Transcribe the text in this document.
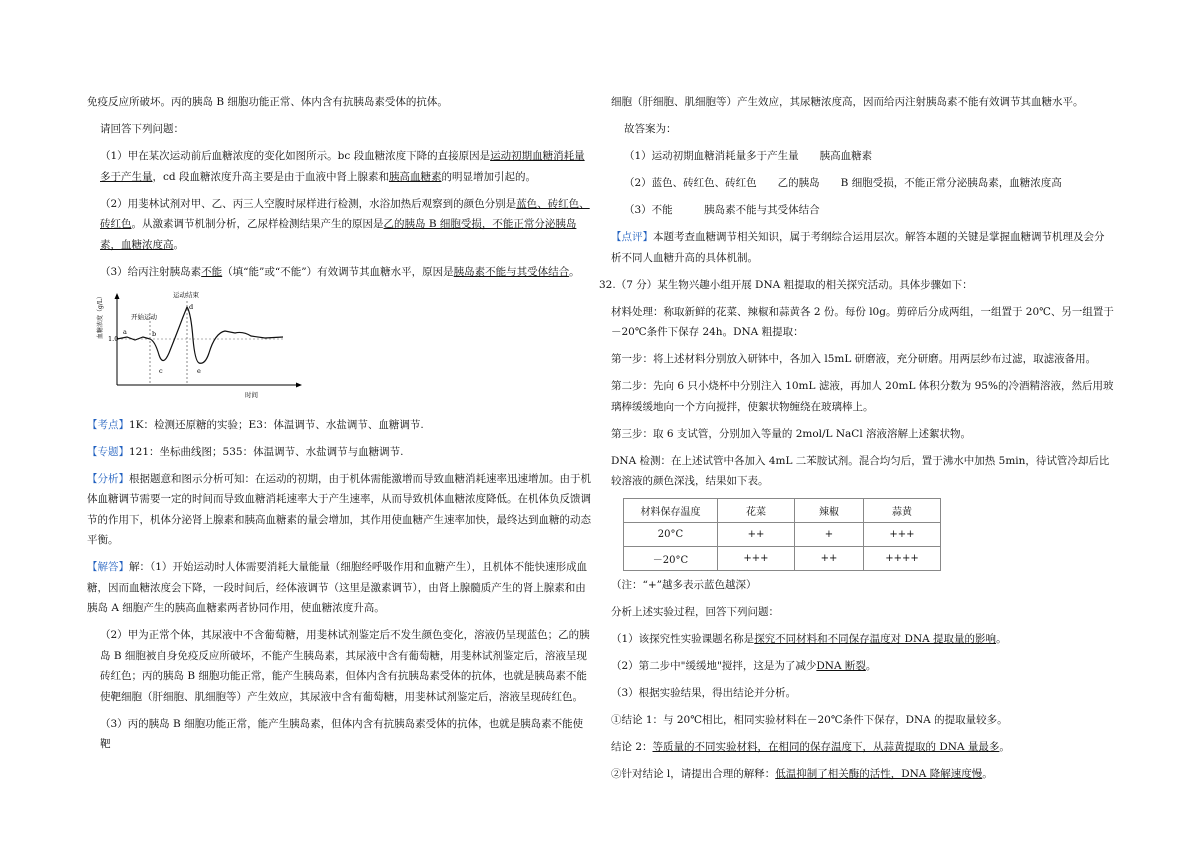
免疫反应所破坏。丙的胰岛 B 细胞功能正常、体内含有抗胰岛素受体的抗体。

请回答下列问题：

（1）甲在某次运动前后血糖浓度的变化如图所示。bc 段血糖浓度下降的直接原因是运动初期血糖消耗量多于产生量，cd 段血糖浓度升高主要是由于血液中肾上腺素和胰高血糖素的明显增加引起的。

（2）用斐林试剂对甲、乙、丙三人空腹时尿样进行检测，水浴加热后观察到的颜色分别是蓝色、砖红色、砖红色。从激素调节机制分析，乙尿样检测结果产生的原因是乙的胰岛 B 细胞受损，不能正常分泌胰岛素，血糖浓度高。

（3）给丙注射胰岛素不能（填“能”或“不能”）有效调节其血糖水平，原因是胰岛素不能与其受体结合。

开始运动
运动结束
1.0
血糖浓度（g/L）
时间
a	b
c
d
e

【考点】1K：检测还原糖的实验；E3：体温调节、水盐调节、血糖调节.

【专题】121：坐标曲线图；535：体温调节、水盐调节与血糖调节.

【分析】根据题意和图示分析可知：在运动的初期，由于机体需能激增而导致血糖消耗速率迅速增加。由于机体血糖调节需要一定的时间而导致血糖消耗速率大于产生速率，从而导致机体血糖浓度降低。在机体负反馈调节的作用下，机体分泌肾上腺素和胰高血糖素的量会增加，其作用使血糖产生速率加快，最终达到血糖的动态平衡。

【解答】解：（1）开始运动时人体需要消耗大量能量（细胞经呼吸作用和血糖产生），且机体不能快速形成血糖，因而血糖浓度会下降，一段时间后，经体液调节（这里是激素调节），由肾上腺髓质产生的肾上腺素和由胰岛 A 细胞产生的胰高血糖素两者协同作用，使血糖浓度升高。

（2）甲为正常个体，其尿液中不含葡萄糖，用斐林试剂鉴定后不发生颜色变化，溶液仍呈现蓝色；乙的胰岛 B 细胞被自身免疫反应所破坏，不能产生胰岛素，其尿液中含有葡萄糖，用斐林试剂鉴定后，溶液呈现砖红色；丙的胰岛 B 细胞功能正常，能产生胰岛素，但体内含有抗胰岛素受体的抗体，也就是胰岛素不能使靶细胞（肝细胞、肌细胞等）产生效应，其尿液中含有葡萄糖，用斐林试剂鉴定后，溶液呈现砖红色。

（3）丙的胰岛 B 细胞功能正常，能产生胰岛素，但体内含有抗胰岛素受体的抗体，也就是胰岛素不能使靶

细胞（肝细胞、肌细胞等）产生效应，其尿糖浓度高，因而给丙注射胰岛素不能有效调节其血糖水平。

故答案为：

（1）运动初期血糖消耗量多于产生量　　胰高血糖素

（2）蓝色、砖红色、砖红色　　乙的胰岛　　B 细胞受损，不能正常分泌胰岛素，血糖浓度高

（3）不能　　　胰岛素不能与其受体结合

【点评】本题考查血糖调节相关知识，属于考纲综合运用层次。解答本题的关键是掌握血糖调节机理及会分析不同人血糖升高的具体机制。

32.（7 分）某生物兴趣小组开展 DNA 粗提取的相关探究活动。具体步骤如下：

材料处理：称取新鲜的花菜、辣椒和蒜黄各 2 份。每份 l0g。剪碎后分成两组，一组置于 20℃、另一组置于－20℃条件下保存 24h。DNA 粗提取：

第一步：将上述材料分别放入研钵中，各加入 l5mL 研磨液，充分研磨。用两层纱布过滤，取滤液备用。

第二步：先向 6 只小烧杯中分别注入 10mL 滤液，再加人 20mL 体积分数为 95%的冷酒精溶液，然后用玻璃棒缓缓地向一个方向搅拌，使絮状物缠绕在玻璃棒上。

第三步：取 6 支试管，分别加入等量的 2mol/L NaCl 溶液溶解上述絮状物。

DNA 检测：在上述试管中各加入 4mL 二苯胺试剂。混合均匀后，置于沸水中加热 5min，待试管冷却后比较溶液的颜色深浅，结果如下表。

材料保存温度	花菜	辣椒	蒜黄
20°C	++	+	+++
－20°C	+++	++	++++

（注：“+”越多表示蓝色越深）

分析上述实验过程，回答下列问题：

（1）该探究性实验课题名称是探究不同材料和不同保存温度对 DNA 提取量的影响。

（2）第二步中"缓缓地"搅拌，这是为了减少DNA 断裂。

（3）根据实验结果，得出结论并分析。

①结论 1：与 20℃相比，相同实验材料在－20℃条件下保存，DNA 的提取量较多。

结论 2：等质量的不同实验材料，在相同的保存温度下，从蒜黄提取的 DNA 量最多。

②针对结论 l，请提出合理的解释：低温抑制了相关酶的活性，DNA 降解速度慢。
